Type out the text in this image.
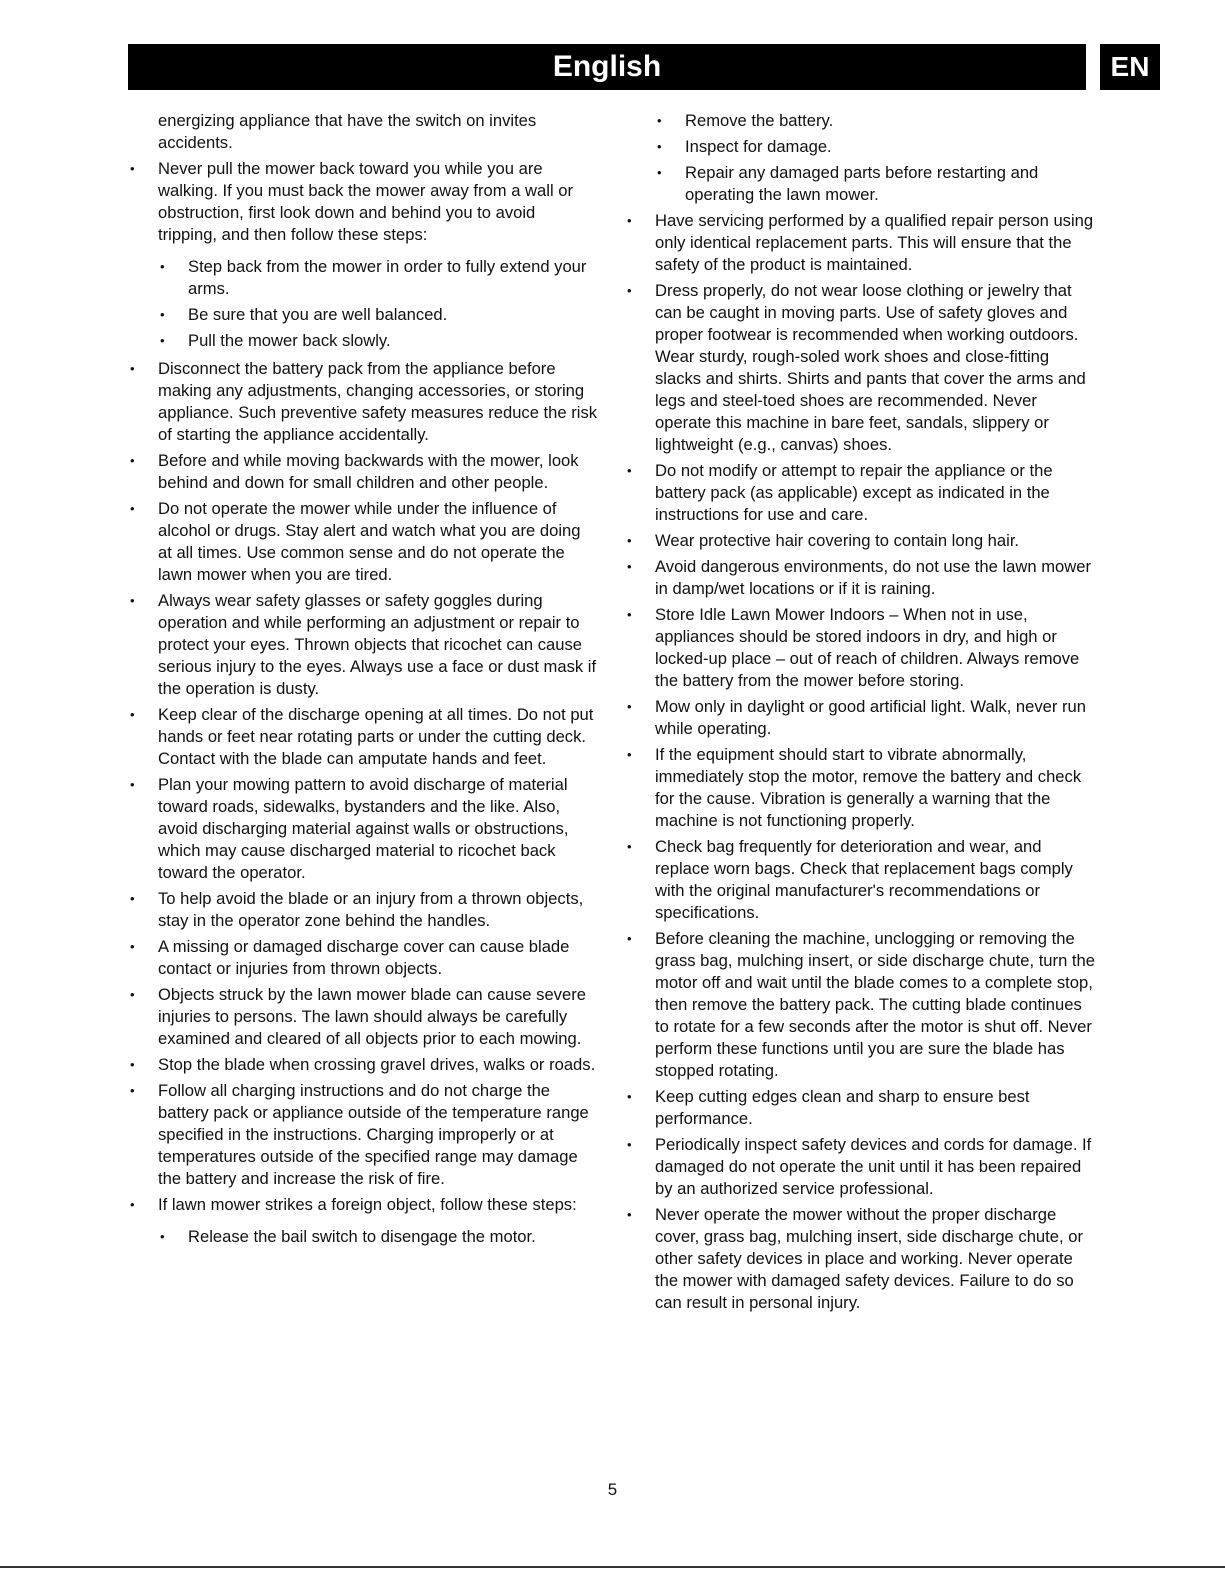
English	EN

energizing appliance that have the switch on invites accidents.

• Never pull the mower back toward you while you are walking. If you must back the mower away from a wall or obstruction, first look down and behind you to avoid tripping, and then follow these steps:
• Step back from the mower in order to fully extend your arms.
• Be sure that you are well balanced.
• Pull the mower back slowly.
• Disconnect the battery pack from the appliance before making any adjustments, changing accessories, or storing appliance. Such preventive safety measures reduce the risk of starting the appliance accidentally.
• Before and while moving backwards with the mower, look behind and down for small children and other people.
• Do not operate the mower while under the influence of alcohol or drugs. Stay alert and watch what you are doing at all times. Use common sense and do not operate the lawn mower when you are tired.
• Always wear safety glasses or safety goggles during operation and while performing an adjustment or repair to protect your eyes. Thrown objects that ricochet can cause serious injury to the eyes. Always use a face or dust mask if the operation is dusty.
• Keep clear of the discharge opening at all times. Do not put hands or feet near rotating parts or under the cutting deck. Contact with the blade can amputate hands and feet.
• Plan your mowing pattern to avoid discharge of material toward roads, sidewalks, bystanders and the like. Also, avoid discharging material against walls or obstructions, which may cause discharged material to ricochet back toward the operator.
• To help avoid the blade or an injury from a thrown objects, stay in the operator zone behind the handles.
• A missing or damaged discharge cover can cause blade contact or injuries from thrown objects.
• Objects struck by the lawn mower blade can cause severe injuries to persons. The lawn should always be carefully examined and cleared of all objects prior to each mowing.
• Stop the blade when crossing gravel drives, walks or roads.
• Follow all charging instructions and do not charge the battery pack or appliance outside of the temperature range specified in the instructions. Charging improperly or at temperatures outside of the specified range may damage the battery and increase the risk of fire.
• If lawn mower strikes a foreign object, follow these steps:
• Release the bail switch to disengage the motor.
• Remove the battery.
• Inspect for damage.
• Repair any damaged parts before restarting and operating the lawn mower.
• Have servicing performed by a qualified repair person using only identical replacement parts. This will ensure that the safety of the product is maintained.
• Dress properly, do not wear loose clothing or jewelry that can be caught in moving parts. Use of safety gloves and proper footwear is recommended when working outdoors. Wear sturdy, rough-soled work shoes and close-fitting slacks and shirts. Shirts and pants that cover the arms and legs and steel-toed shoes are recommended. Never operate this machine in bare feet, sandals, slippery or lightweight (e.g., canvas) shoes.
• Do not modify or attempt to repair the appliance or the battery pack (as applicable) except as indicated in the instructions for use and care.
• Wear protective hair covering to contain long hair.
• Avoid dangerous environments, do not use the lawn mower in damp/wet locations or if it is raining.
• Store Idle Lawn Mower Indoors – When not in use, appliances should be stored indoors in dry, and high or locked-up place – out of reach of children. Always remove the battery from the mower before storing.
• Mow only in daylight or good artificial light. Walk, never run while operating.
• If the equipment should start to vibrate abnormally, immediately stop the motor, remove the battery and check for the cause. Vibration is generally a warning that the machine is not functioning properly.
• Check bag frequently for deterioration and wear, and replace worn bags. Check that replacement bags comply with the original manufacturer's recommendations or specifications.
• Before cleaning the machine, unclogging or removing the grass bag, mulching insert, or side discharge chute, turn the motor off and wait until the blade comes to a complete stop, then remove the battery pack. The cutting blade continues to rotate for a few seconds after the motor is shut off. Never perform these functions until you are sure the blade has stopped rotating.
• Keep cutting edges clean and sharp to ensure best performance.
• Periodically inspect safety devices and cords for damage. If damaged do not operate the unit until it has been repaired by an authorized service professional.
• Never operate the mower without the proper discharge cover, grass bag, mulching insert, side discharge chute, or other safety devices in place and working. Never operate the mower with damaged safety devices. Failure to do so can result in personal injury.
5
